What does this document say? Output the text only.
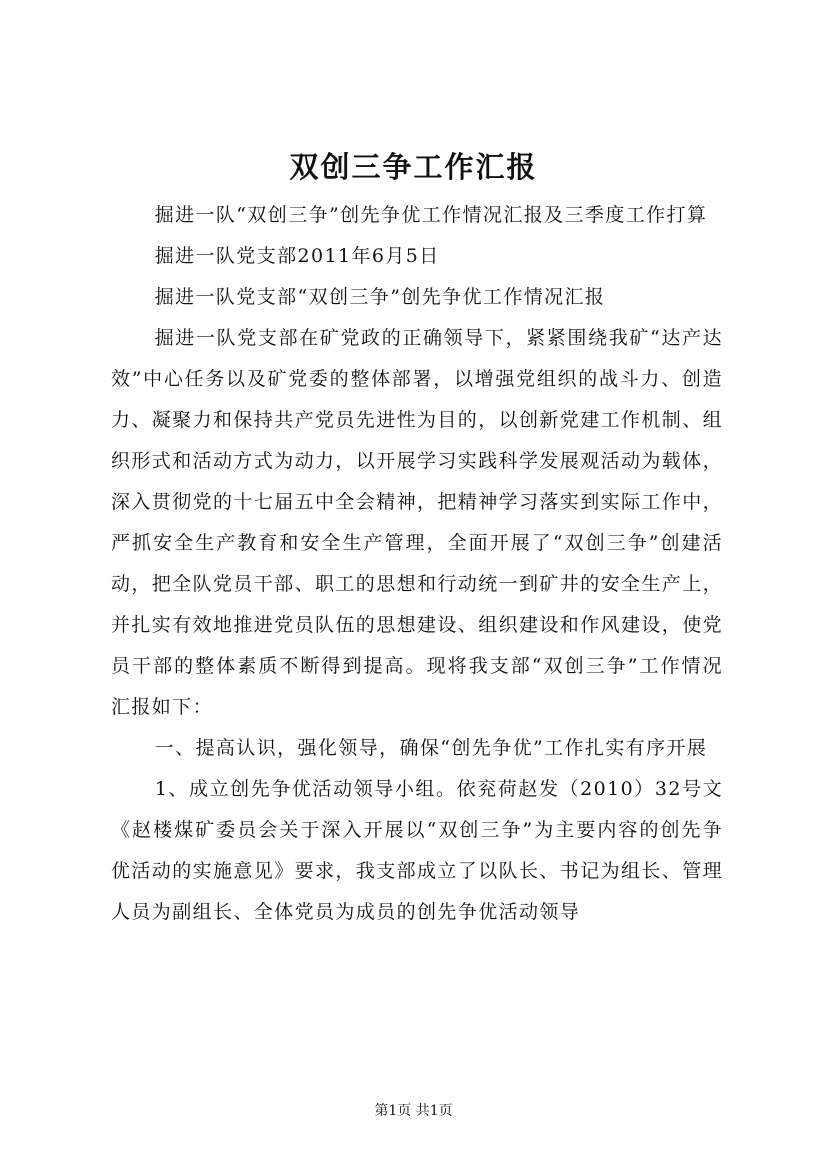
双创三争工作汇报

掘进一队“双创三争”创先争优工作情况汇报及三季度工作打算

掘进一队党支部2011年6月5日

掘进一队党支部“双创三争”创先争优工作情况汇报

掘进一队党支部在矿党政的正确领导下，紧紧围绕我矿“达产达效”中心任务以及矿党委的整体部署，以增强党组织的战斗力、创造力、凝聚力和保持共产党员先进性为目的，以创新党建工作机制、组织形式和活动方式为动力，以开展学习实践科学发展观活动为载体，深入贯彻党的十七届五中全会精神，把精神学习落实到实际工作中，严抓安全生产教育和安全生产管理，全面开展了“双创三争”创建活动，把全队党员干部、职工的思想和行动统一到矿井的安全生产上，并扎实有效地推进党员队伍的思想建设、组织建设和作风建设，使党员干部的整体素质不断得到提高。现将我支部“双创三争”工作情况汇报如下：

一、提高认识，强化领导，确保“创先争优”工作扎实有序开展

1、成立创先争优活动领导小组。依兖荷赵发（2010）32号文《赵楼煤矿委员会关于深入开展以“双创三争”为主要内容的创先争优活动的实施意见》要求，我支部成立了以队长、书记为组长、管理人员为副组长、全体党员为成员的创先争优活动领导

第1页 共1页
